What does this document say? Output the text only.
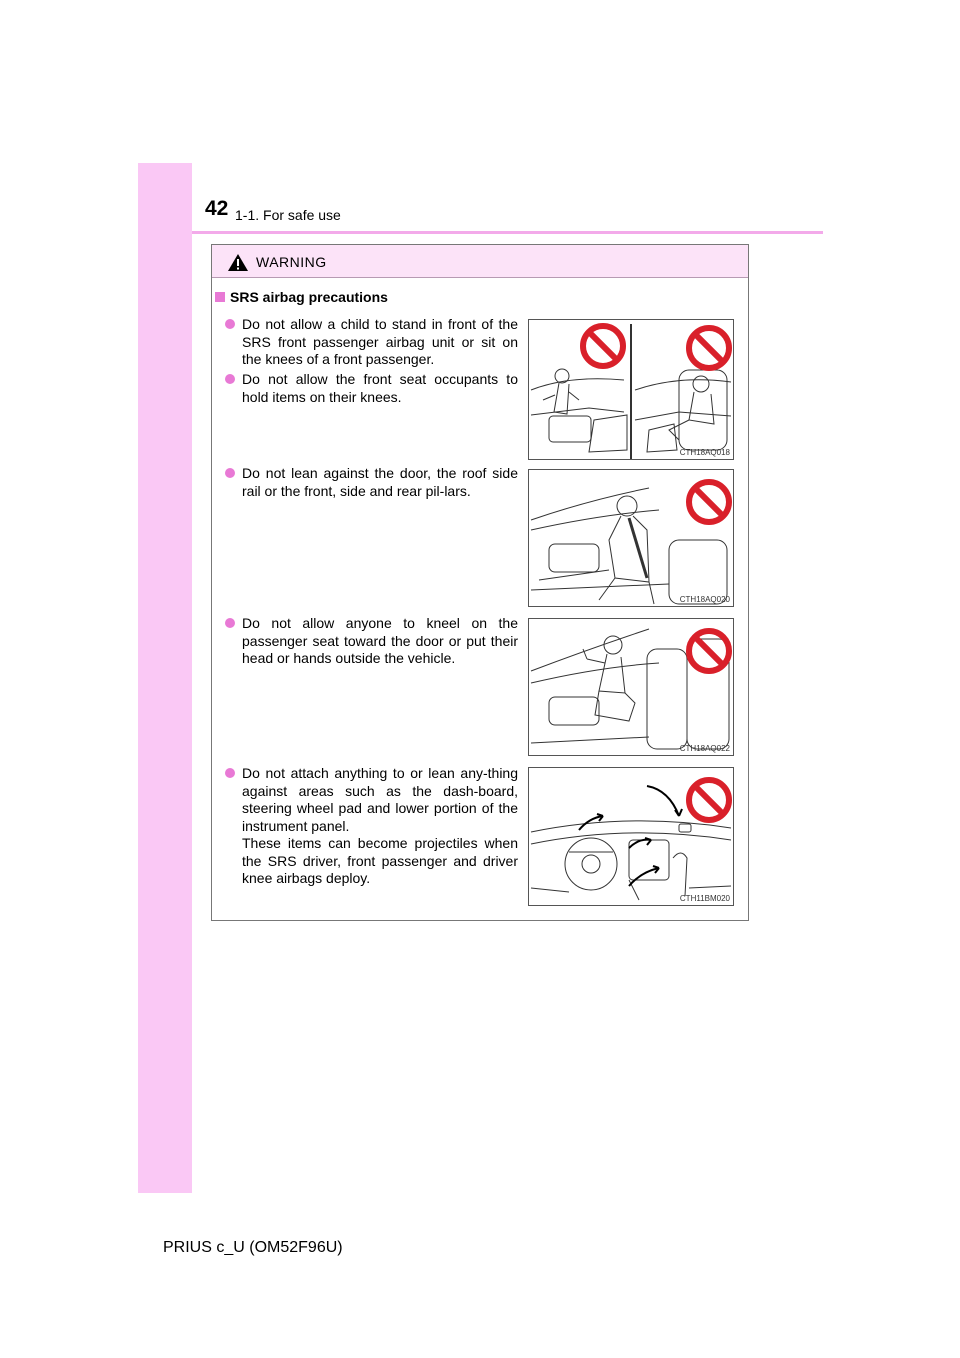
42 1-1. For safe use
WARNING
SRS airbag precautions
Do not allow a child to stand in front of the SRS front passenger airbag unit or sit on the knees of a front passenger.
Do not allow the front seat occupants to hold items on their knees.
Do not lean against the door, the roof side rail or the front, side and rear pil-lars.
Do not allow anyone to kneel on the passenger seat toward the door or put their head or hands outside the vehicle.
Do not attach anything to or lean any-thing against areas such as the dash-board, steering wheel pad and lower portion of the instrument panel.
These items can become projectiles when the SRS driver, front passenger and driver knee airbags deploy.
CTH18AQ018
CTH18AQ020
CTH18AQ022
CTH11BM020
PRIUS c_U (OM52F96U)
